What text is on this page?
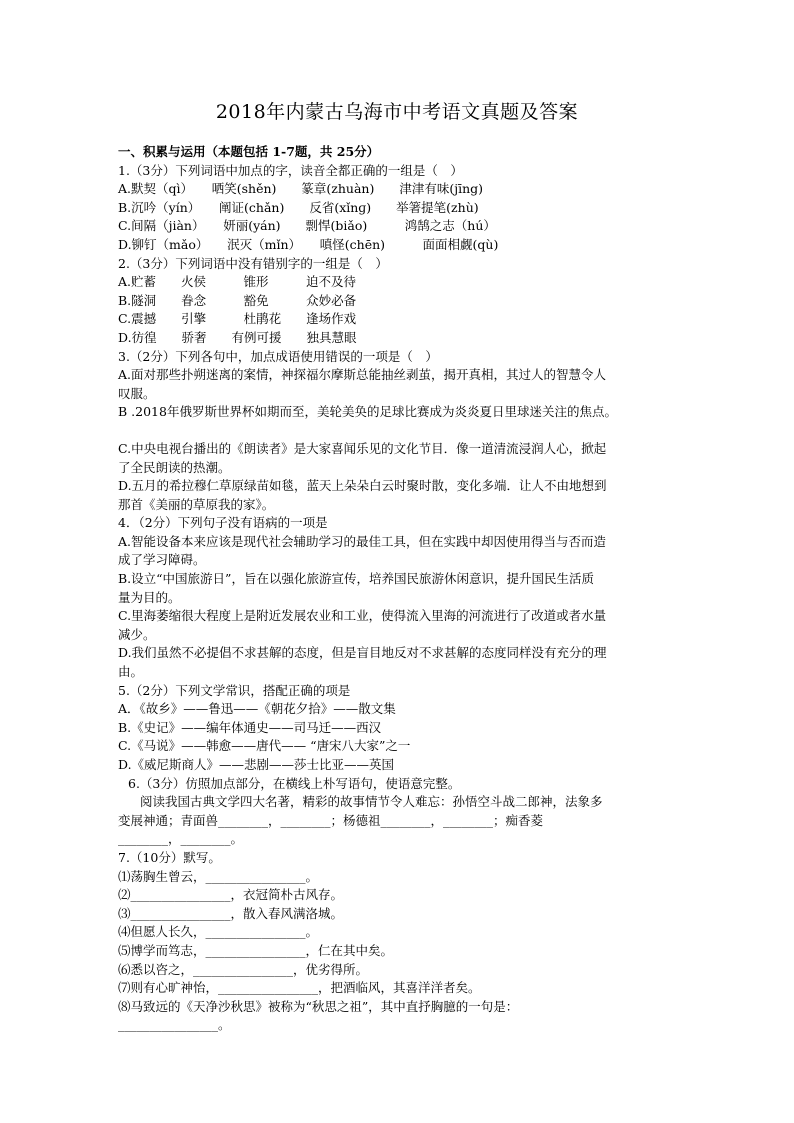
2018年内蒙古乌海市中考语文真题及答案

一、积累与运用（本题包括 1-7题，共 25分）

1.（3分）下列词语中加点的字，读音全都正确的一组是（　）

A.默契（qì）　　哂笑(shěn)　　篆章(zhuàn)　　津津有味(jīng)

B.沉吟（yín）　　阐证(chǎn)　　反省(xǐnɡ)　　举箸提笔(zhù)

C.间隔（jiàn）　　妍丽(yán)　　剽悍(biǎo)　　　鸿鹄之志（hú）

D.铆钉（mǎo）　　泯灭（mǐn）　　嗔怪(chēn)　　　面面相觑(qù)

2.（3分）下列词语中没有错别字的一组是（　）

A.贮蓄　　火侯　　　锥形　　　迫不及待

B.隧洞　　眷念　　　豁免　　　众妙必备

C.震撼　　引擎　　　杜鹃花　　逢场作戏

D.彷徨　　骄奢　　有例可援　　独具慧眼

3.（2分）下列各句中，加点成语使用错误的一项是（　）

A.面对那些扑朔迷离的案情，神探福尔摩斯总能抽丝剥茧，揭开真相，其过人的智慧令人

叹服。

B .2018年俄罗斯世界杯如期而至，美轮美奂的足球比赛成为炎炎夏日里球迷关注的焦点。

C.中央电视台播出的《朗读者》是大家喜闻乐见的文化节目．像一道清流浸润人心，掀起

了全民朗读的热潮。

D.五月的希拉穆仁草原绿苗如毯，蓝天上朵朵白云时聚时散，变化多端．让人不由地想到

那首《美丽的草原我的家》。

4．（2分）下列句子没有语病的一项是

A.智能设备本来应该是现代社会辅助学习的最佳工具，但在实践中却因使用得当与否而造

成了学习障碍。

B.设立“中国旅游日”，旨在以强化旅游宣传，培养国民旅游休闲意识，提升国民生活质

量为目的。

C.里海萎缩很大程度上是附近发展农业和工业，使得流入里海的河流进行了改道或者水量

减少。

D.我们虽然不必提倡不求甚解的态度，但是盲目地反对不求甚解的态度同样没有充分的理

由。

5.（2分）下列文学常识，搭配正确的项是

A．《故乡》——鲁迅——《朝花夕拾》——散文集

B.《史记》——编年体通史——司马迁——西汉

C.《马说》——韩愈——唐代—— “唐宋八大家”之一

D.《威尼斯商人》——悲剧——莎士比亚——英国

6.（3分）仿照加点部分，在横线上朴写语句，使语意完整。

阅读我国古典文学四大名著，精彩的故事情节令人难忘：孙悟空斗战二郎神，法象多

变展神通；青面兽________，________；杨德祖________，________；痴香菱

________，________。

7.（10分）默写。

⑴荡胸生曾云，________________。

⑵________________，衣冠简朴古风存。

⑶________________，散入春风满洛城。

⑷但愿人长久，________________。

⑸博学而笃志，________________，仁在其中矣。

⑹悉以咨之，________________，优劣得所。

⑺则有心旷神怡，________________，把酒临风，其喜洋洋者矣。

⑻马致远的《天净沙秋思》被称为“秋思之祖”，其中直抒胸臆的一句是：

________________。
